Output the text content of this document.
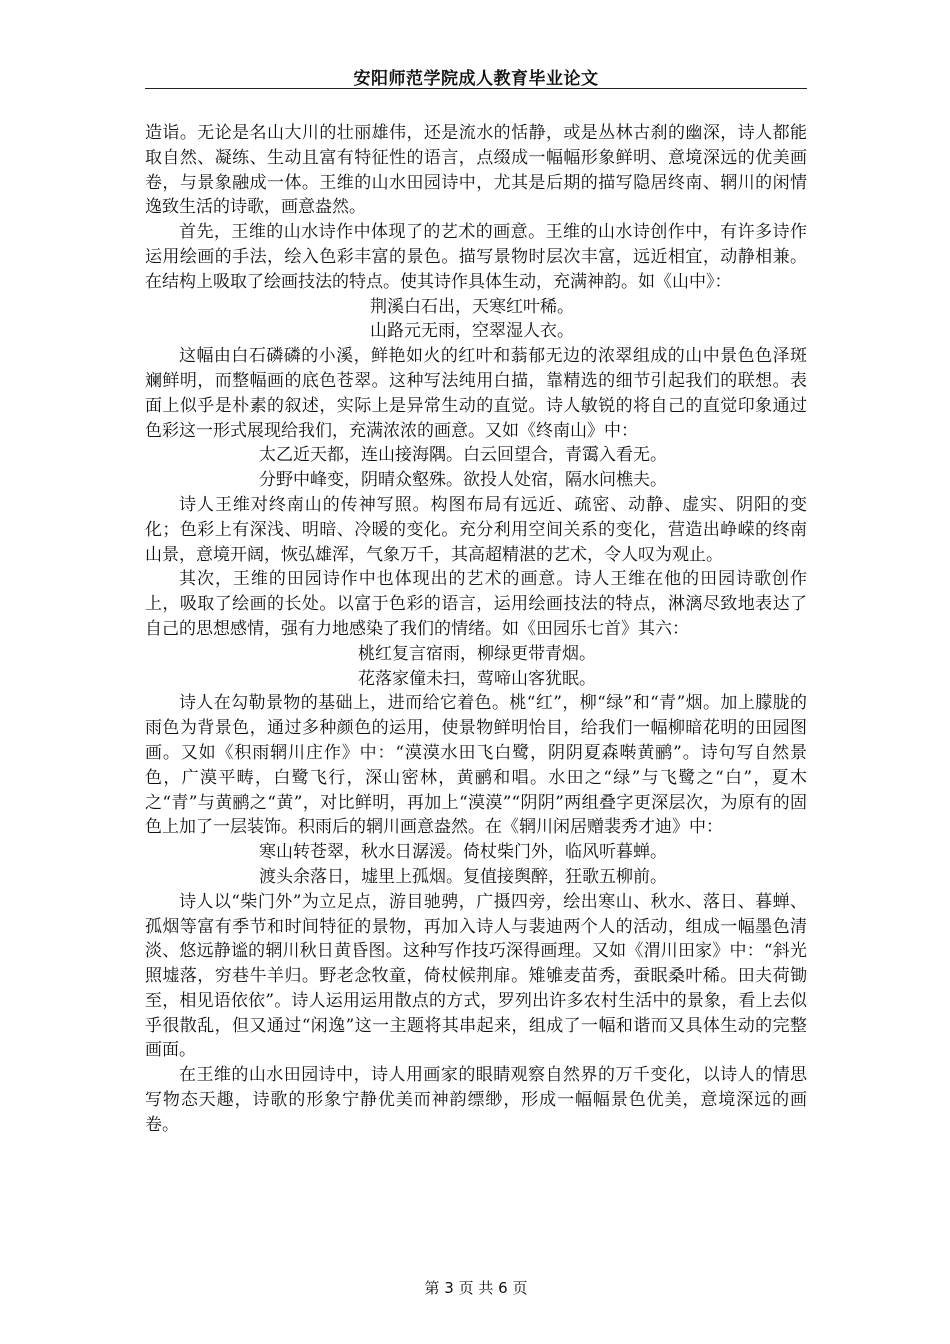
安阳师范学院成人教育毕业论文

造诣。无论是名山大川的壮丽雄伟，还是流水的恬静，或是丛林古刹的幽深，诗人都能取自然、凝练、生动且富有特征性的语言，点缀成一幅幅形象鲜明、意境深远的优美画卷，与景象融成一体。王维的山水田园诗中，尤其是后期的描写隐居终南、辋川的闲情逸致生活的诗歌，画意盎然。

首先，王维的山水诗作中体现了的艺术的画意。王维的山水诗创作中，有许多诗作运用绘画的手法，绘入色彩丰富的景色。描写景物时层次丰富，远近相宜，动静相兼。在结构上吸取了绘画技法的特点。使其诗作具体生动，充满神韵。如《山中》：

荆溪白石出，天寒红叶稀。

山路元无雨，空翠湿人衣。

这幅由白石磷磷的小溪，鲜艳如火的红叶和蓊郁无边的浓翠组成的山中景色色泽斑斓鲜明，而整幅画的底色苍翠。这种写法纯用白描，靠精选的细节引起我们的联想。表面上似乎是朴素的叙述，实际上是异常生动的直觉。诗人敏锐的将自己的直觉印象通过色彩这一形式展现给我们，充满浓浓的画意。又如《终南山》中：

太乙近天都，连山接海隅。白云回望合，青霭入看无。

分野中峰变，阴晴众壑殊。欲投人处宿，隔水问樵夫。

诗人王维对终南山的传神写照。构图布局有远近、疏密、动静、虚实、阴阳的变化；色彩上有深浅、明暗、冷暖的变化。充分利用空间关系的变化，营造出峥嵘的终南山景，意境开阔，恢弘雄浑，气象万千，其高超精湛的艺术，令人叹为观止。

其次，王维的田园诗作中也体现出的艺术的画意。诗人王维在他的田园诗歌创作上，吸取了绘画的长处。以富于色彩的语言，运用绘画技法的特点，淋漓尽致地表达了自己的思想感情，强有力地感染了我们的情绪。如《田园乐七首》其六：

桃红复言宿雨，柳绿更带青烟。

花落家僮未扫，莺啼山客犹眠。

诗人在勾勒景物的基础上，进而给它着色。桃“红”，柳“绿”和“青”烟。加上朦胧的雨色为背景色，通过多种颜色的运用，使景物鲜明怡目，给我们一幅柳暗花明的田园图画。又如《积雨辋川庄作》中：“漠漠水田飞白鹭，阴阴夏森啭黄鹂”。诗句写自然景色，广漠平畴，白鹭飞行，深山密林，黄鹂和唱。水田之“绿”与飞鹭之“白”，夏木之“青”与黄鹂之“黄”，对比鲜明，再加上“漠漠”“阴阴”两组叠字更深层次，为原有的固色上加了一层装饰。积雨后的辋川画意盎然。在《辋川闲居赠裴秀才迪》中：

寒山转苍翠，秋水日潺湲。倚杖柴门外，临风听暮蝉。

渡头余落日，墟里上孤烟。复值接舆醉，狂歌五柳前。

诗人以“柴门外”为立足点，游目驰骋，广摄四旁，绘出寒山、秋水、落日、暮蝉、孤烟等富有季节和时间特征的景物，再加入诗人与裴迪两个人的活动，组成一幅墨色清淡、悠远静谧的辋川秋日黄昏图。这种写作技巧深得画理。又如《渭川田家》中：“斜光照墟落，穷巷牛羊归。野老念牧童，倚杖候荆扉。雉雊麦苗秀，蚕眠桑叶稀。田夫荷锄至，相见语依依”。诗人运用运用散点的方式，罗列出许多农村生活中的景象，看上去似乎很散乱，但又通过“闲逸”这一主题将其串起来，组成了一幅和谐而又具体生动的完整画面。

在王维的山水田园诗中，诗人用画家的眼睛观察自然界的万千变化，以诗人的情思写物态天趣，诗歌的形象宁静优美而神韵缥缈，形成一幅幅景色优美，意境深远的画卷。

第 3 页 共 6 页
